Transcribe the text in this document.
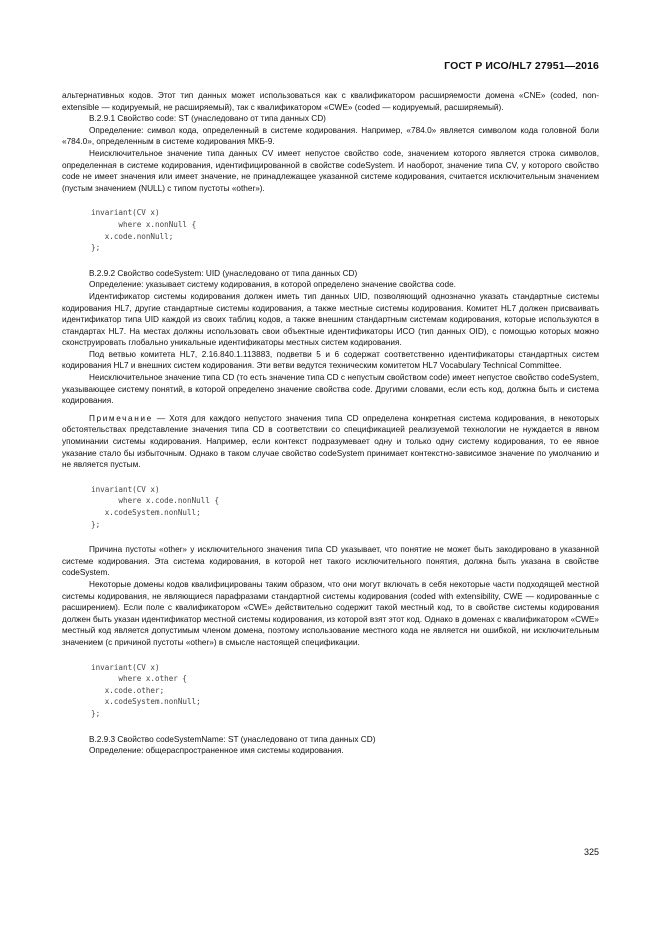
ГОСТ Р ИСО/HL7 27951—2016

альтернативных кодов. Этот тип данных может использоваться как с квалификатором расширяемости домена «CNE» (coded, non-extensible — кодируемый, не расширяемый), так с квалификатором «CWE» (coded — кодируемый, расширяемый).

B.2.9.1 Свойство code: ST (унаследовано от типа данных CD)

Определение: символ кода, определенный в системе кодирования. Например, «784.0» является символом кода головной боли «784.0», определенным в системе кодирования МКБ-9.

Неисключительное значение типа данных CV имеет непустое свойство code, значением которого является строка символов, определенная в системе кодирования, идентифицированной в свойстве codeSystem. И наоборот, значение типа CV, у которого свойство code не имеет значения или имеет значение, не принадлежащее указанной системе кодирования, считается исключительным значением (пустым значением (NULL) с типом пустоты «other»).

invariant(CV x)
where x.nonNull {
x.code.nonNull;
};

B.2.9.2 Свойство codeSystem: UID (унаследовано от типа данных CD)

Определение: указывает систему кодирования, в которой определено значение свойства code.

Идентификатор системы кодирования должен иметь тип данных UID, позволяющий однозначно указать стандартные системы кодирования HL7, другие стандартные системы кодирования, а также местные системы кодирования. Комитет HL7 должен присваивать идентификатор типа UID каждой из своих таблиц кодов, а также внешним стандартным системам кодирования, которые используются в стандартах HL7. На местах должны использовать свои объектные идентификаторы ИСО (тип данных OID), с помощью которых можно сконструировать глобально уникальные идентификаторы местных систем кодирования.

Под ветвью комитета HL7, 2.16.840.1.113883, подветви 5 и 6 содержат соответственно идентификаторы стандартных систем кодирования HL7 и внешних систем кодирования. Эти ветви ведутся техническим комитетом HL7 Vocabulary Technical Committee.

Неисключительное значение типа CD (то есть значение типа CD с непустым свойством code) имеет непустое свойство codeSystem, указывающее систему понятий, в которой определено значение свойства code. Другими словами, если есть код, должна быть и система кодирования.

Примечание — Хотя для каждого непустого значения типа CD определена конкретная система кодирования, в некоторых обстоятельствах представление значения типа CD в соответствии со спецификацией реализуемой технологии не нуждается в явном упоминании системы кодирования. Например, если контекст подразумевает одну и только одну систему кодирования, то ее явное указание стало бы избыточным. Однако в таком случае свойство codeSystem принимает контекстно-зависимое значение по умолчанию и не является пустым.

invariant(CV x)
where x.code.nonNull {
x.codeSystem.nonNull;
};

Причина пустоты «other» у исключительного значения типа CD указывает, что понятие не может быть закодировано в указанной системе кодирования. Эта система кодирования, в которой нет такого исключительного понятия, должна быть указана в свойстве codeSystem.

Некоторые домены кодов квалифицированы таким образом, что они могут включать в себя некоторые части подходящей местной системы кодирования, не являющиеся парафразами стандартной системы кодирования (coded with extensibility, CWE — кодированные с расширением). Если поле с квалификатором «CWE» действительно содержит такой местный код, то в свойстве системы кодирования должен быть указан идентификатор местной системы кодирования, из которой взят этот код. Однако в доменах с квалификатором «CWE» местный код является допустимым членом домена, поэтому использование местного кода не является ни ошибкой, ни исключительным значением (с причиной пустоты «other») в смысле настоящей спецификации.

invariant(CV x)
where x.other {
x.code.other;
x.codeSystem.nonNull;
};

B.2.9.3 Свойство codeSystemName: ST (унаследовано от типа данных CD)

Определение: общераспространенное имя системы кодирования.

325
